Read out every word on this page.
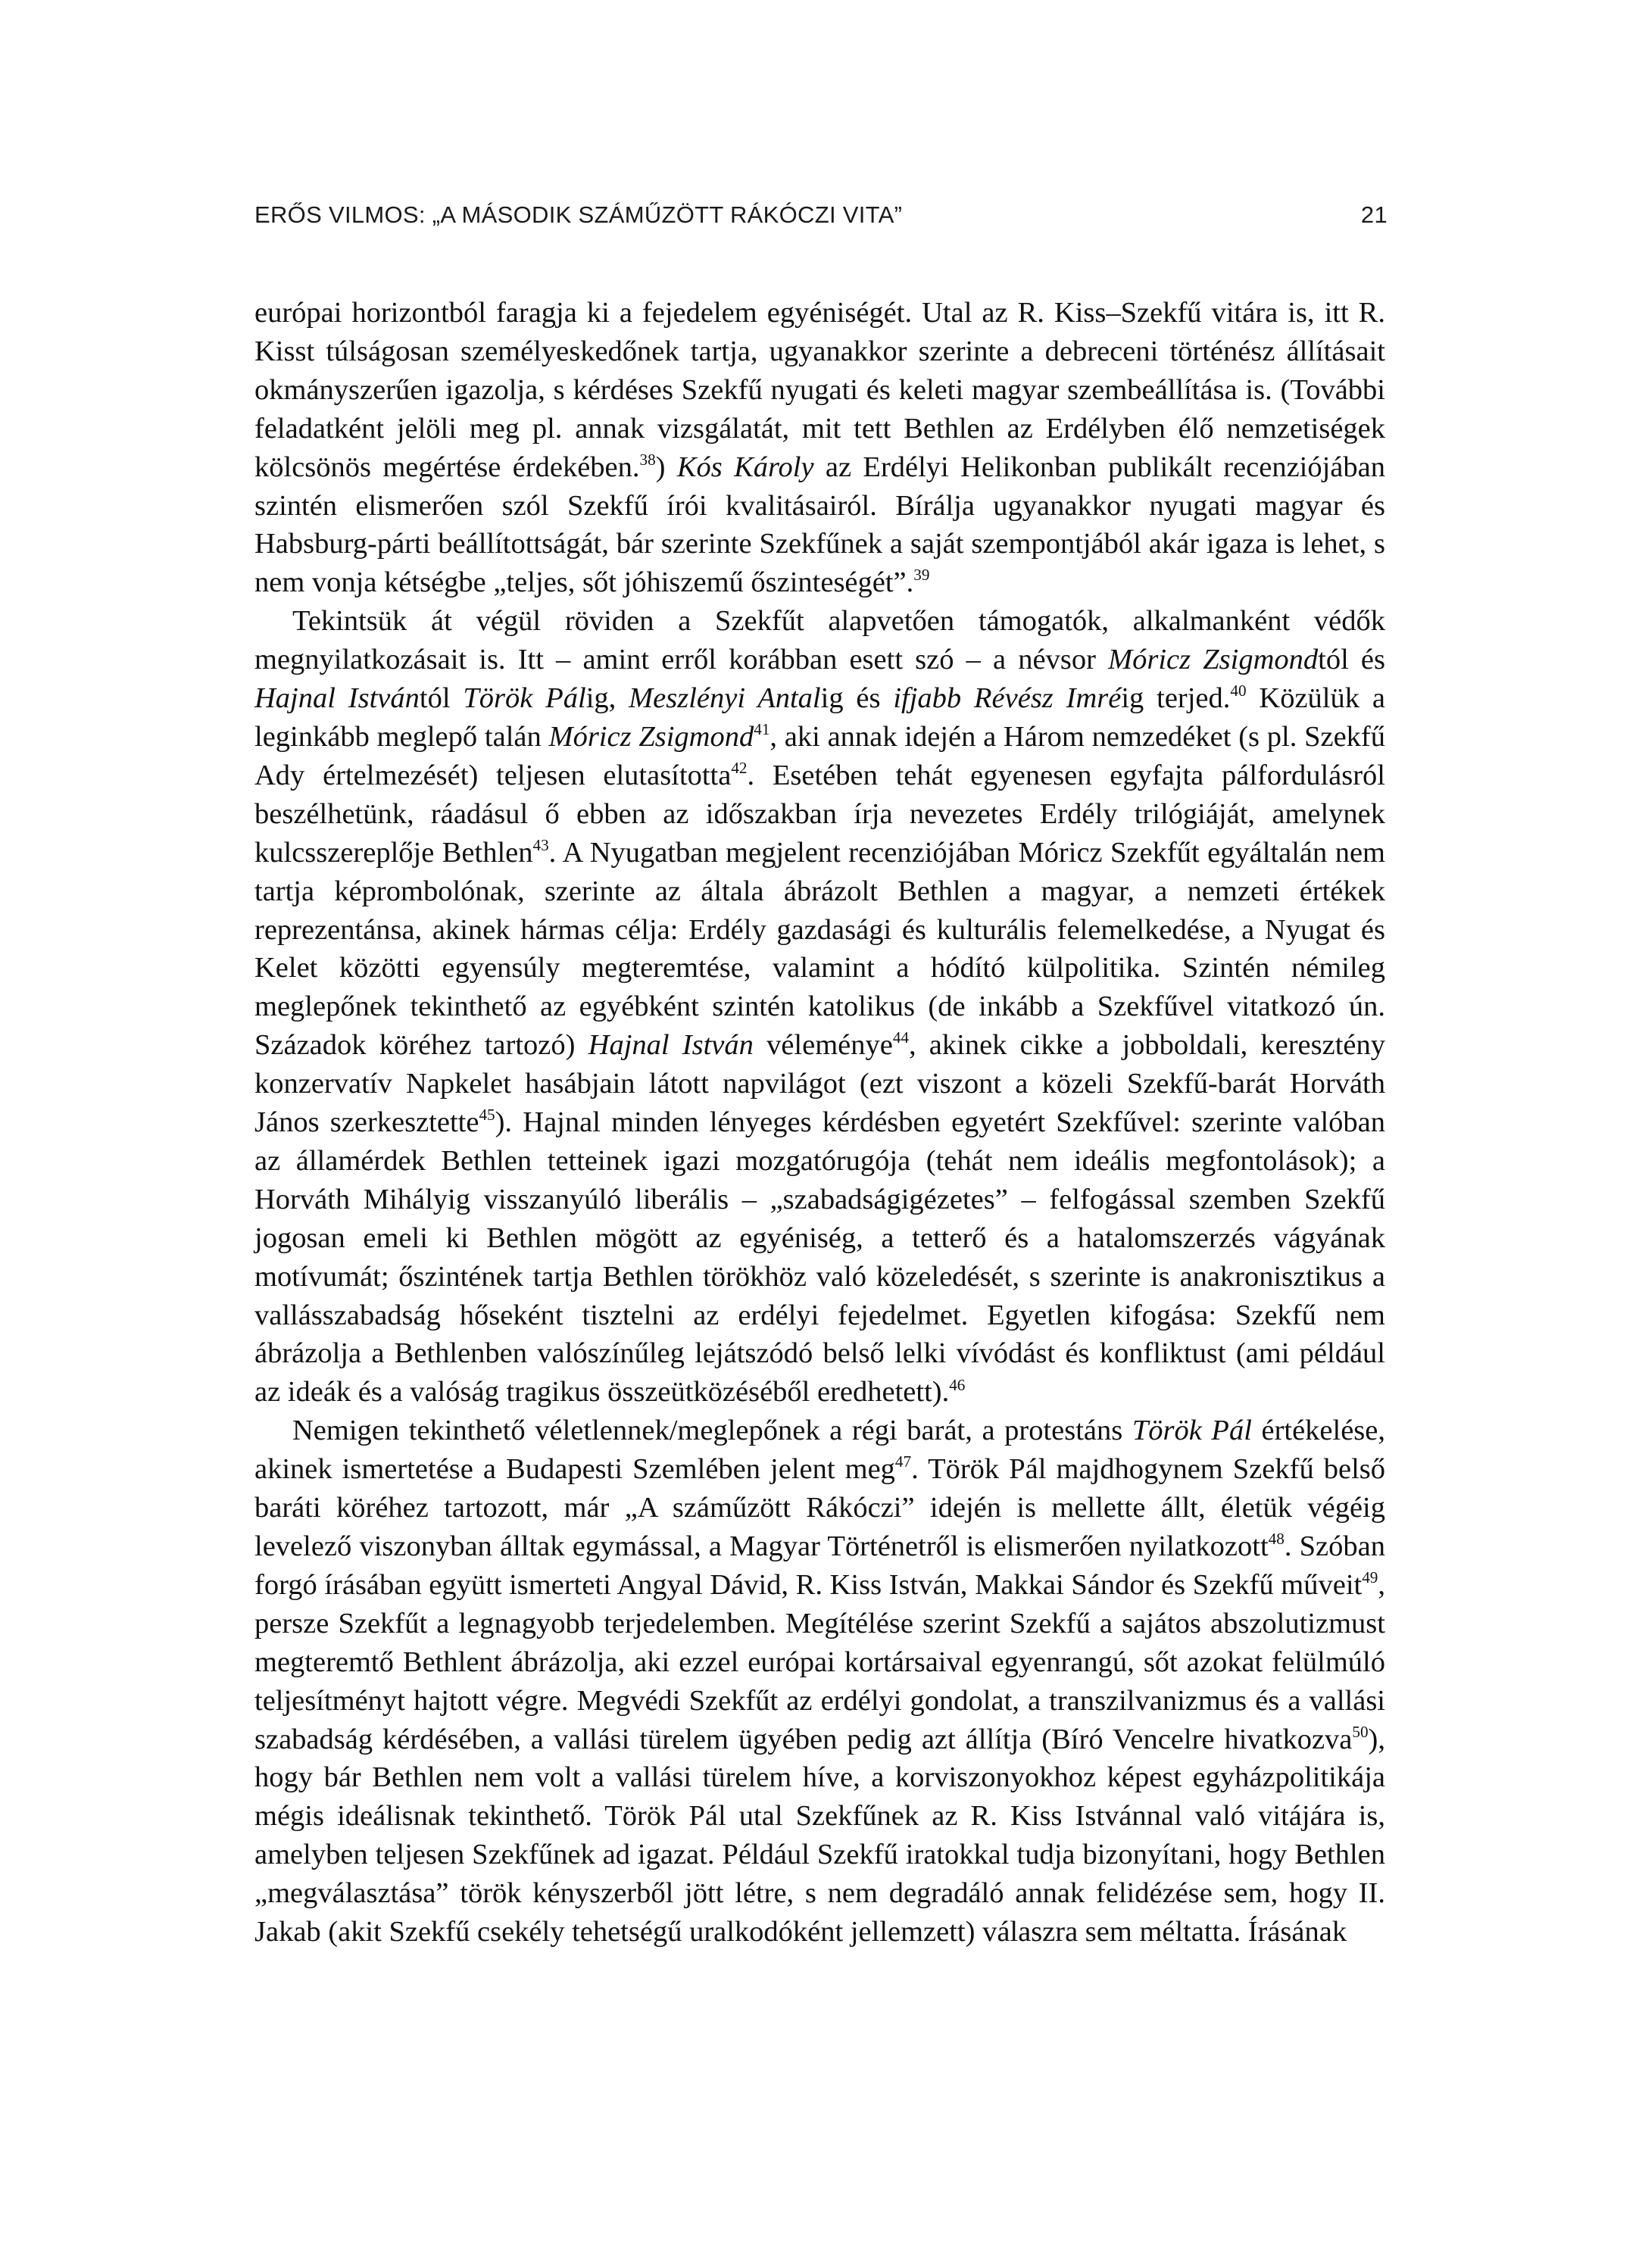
ERŐS VILMOS: „A MÁSODIK SZÁMŰZÖTT RÁKÓCZI VITA”	21

európai horizontból faragja ki a fejedelem egyéniségét. Utal az R. Kiss–Szekfű vitára is, itt R. Kisst túlságosan személyeskedőnek tartja, ugyanakkor szerinte a debreceni történész állításait okmányszerűen igazolja, s kérdéses Szekfű nyugati és keleti magyar szembeállítása is. (További feladatként jelöli meg pl. annak vizsgálatát, mit tett Bethlen az Erdélyben élő nemzetiségek kölcsönös megértése érdekében.$^{38}$) Kós Károly az Erdélyi Helikonban publikált recenziójában szintén elismerően szól Szekfű írói kvalitásairól. Bírálja ugyanakkor nyugati magyar és Habsburg-párti beállítottságát, bár szerinte Szekfűnek a saját szempontjából akár igaza is lehet, s nem vonja kétségbe „teljes, sőt jóhiszemű őszinteségét”.$^{39}$

Tekintsük át végül röviden a Szekfűt alapvetően támogatók, alkalmanként védők megnyilatkozásait is. Itt – amint erről korábban esett szó – a névsor Móricz Zsigmondtól és Hajnal Istvántól Török Pálig, Meszlényi Antalig és ifjabb Révész Imréig terjed.$^{40}$ Közülük a leginkább meglepő talán Móricz Zsigmond$^{41}$, aki annak idején a Három nemzedéket (s pl. Szekfű Ady értelmezését) teljesen elutasította$^{42}$. Esetében tehát egyenesen egyfajta pálfordulásról beszélhetünk, ráadásul ő ebben az időszakban írja nevezetes Erdély trilógiáját, amelynek kulcsszereplője Bethlen$^{43}$. A Nyugatban megjelent recenziójában Móricz Szekfűt egyáltalán nem tartja képrombolónak, szerinte az általa ábrázolt Bethlen a magyar, a nemzeti értékek reprezentánsa, akinek hármas célja: Erdély gazdasági és kulturális felemelkedése, a Nyugat és Kelet közötti egyensúly megteremtése, valamint a hódító külpolitika. Szintén némileg meglepőnek tekinthető az egyébként szintén katolikus (de inkább a Szekfűvel vitatkozó ún. Századok köréhez tartozó) Hajnal István véleménye$^{44}$, akinek cikke a jobboldali, keresztény konzervatív Napkelet hasábjain látott napvilágot (ezt viszont a közeli Szekfű-barát Horváth János szerkesztette$^{45}$). Hajnal minden lényeges kérdésben egyetért Szekfűvel: szerinte valóban az államérdek Bethlen tetteinek igazi mozgatórugója (tehát nem ideális megfontolások); a Horváth Mihályig visszanyúló liberális – „szabadságigézetes” – felfogással szemben Szekfű jogosan emeli ki Bethlen mögött az egyéniség, a tetterő és a hatalomszerzés vágyának motívumát; őszintének tartja Bethlen törökhöz való közeledését, s szerinte is anakronisztikus a vallásszabadság hőseként tisztelni az erdélyi fejedelmet. Egyetlen kifogása: Szekfű nem ábrázolja a Bethlenben valószínűleg lejátszódó belső lelki vívódást és konfliktust (ami például az ideák és a valóság tragikus összeütközéséből eredhetett).$^{46}$

Nemigen tekinthető véletlennek/meglepőnek a régi barát, a protestáns Török Pál értékelése, akinek ismertetése a Budapesti Szemlében jelent meg$^{47}$. Török Pál majdhogynem Szekfű belső baráti köréhez tartozott, már „A száműzött Rákóczi” idején is mellette állt, életük végéig levelező viszonyban álltak egymással, a Magyar Történetről is elismerően nyilatkozott$^{48}$. Szóban forgó írásában együtt ismerteti Angyal Dávid, R. Kiss István, Makkai Sándor és Szekfű műveit$^{49}$, persze Szekfűt a legnagyobb terjedelemben. Megítélése szerint Szekfű a sajátos abszolutizmust megteremtő Bethlent ábrázolja, aki ezzel európai kortársaival egyenrangú, sőt azokat felülmúló teljesítményt hajtott végre. Megvédi Szekfűt az erdélyi gondolat, a transzilvanizmus és a vallási szabadság kérdésében, a vallási türelem ügyében pedig azt állítja (Bíró Vencelre hivatkozva$^{50}$), hogy bár Bethlen nem volt a vallási türelem híve, a korviszonyokhoz képest egyházpolitikája mégis ideálisnak tekinthető. Török Pál utal Szekfűnek az R. Kiss Istvánnal való vitájára is, amelyben teljesen Szekfűnek ad igazat. Például Szekfű iratokkal tudja bizonyítani, hogy Bethlen „megválasztása” török kényszerből jött létre, s nem degradáló annak felidézése sem, hogy II. Jakab (akit Szekfű csekély tehetségű uralkodóként jellemzett) válaszra sem méltatta. Írásának
